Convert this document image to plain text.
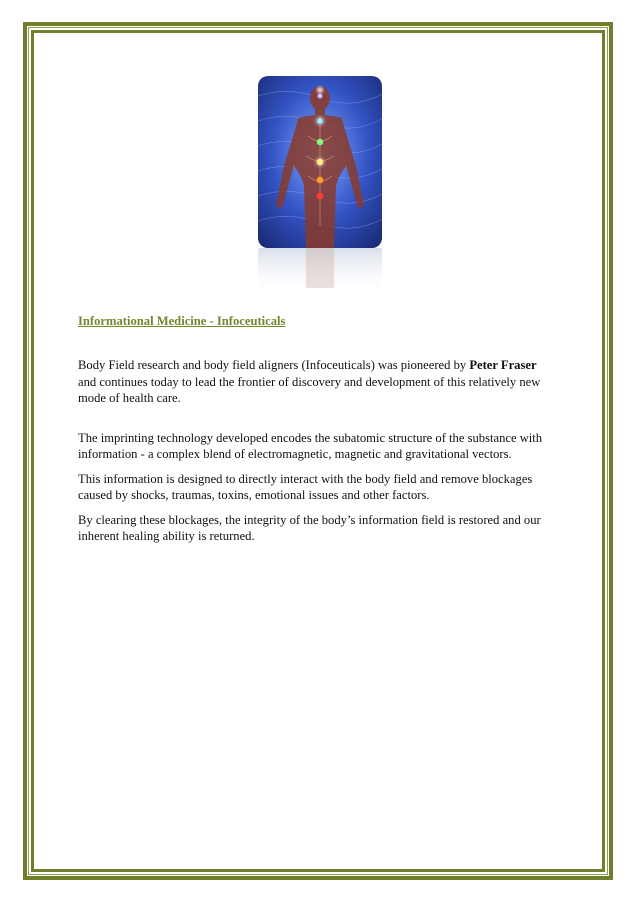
Informational Medicine - Infoceuticals

Body Field research and body field aligners (Infoceuticals) was pioneered by Peter Fraser and continues today to lead the frontier of discovery and development of this relatively new mode of health care.

The imprinting technology developed encodes the subatomic structure of the substance with information - a complex blend of electromagnetic, magnetic and gravitational vectors.

This information is designed to directly interact with the body field and remove blockages caused by shocks, traumas, toxins, emotional issues and other factors.

By clearing these blockages, the integrity of the body’s information field is restored and our inherent healing ability is returned.
